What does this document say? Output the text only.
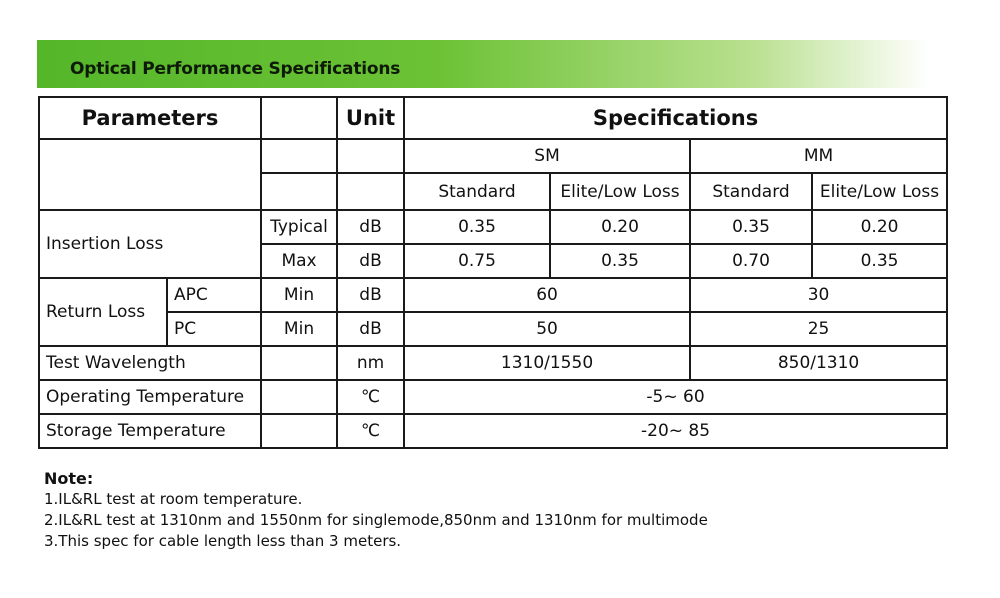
Optical Performance Specifications
Parameters			Unit	Specifications			
				SM		MM	
				Standard	Elite/Low Loss	Standard	Elite/Low Loss
Insertion Loss		Typical	dB	0.35	0.20	0.35	0.20
		Max	dB	0.75	0.35	0.70	0.35
Return Loss	APC	Min	dB	60		30	
	PC	Min	dB	50		25	
Test Wavelength			nm	1310/1550		850/1310	
Operating Temperature			℃	-5~ 60			
Storage Temperature			℃	-20~ 85			
Note:
1.IL&RL test at room temperature.
2.IL&RL test at 1310nm and 1550nm for singlemode,850nm and 1310nm for multimode
3.This spec for cable length less than 3 meters.
